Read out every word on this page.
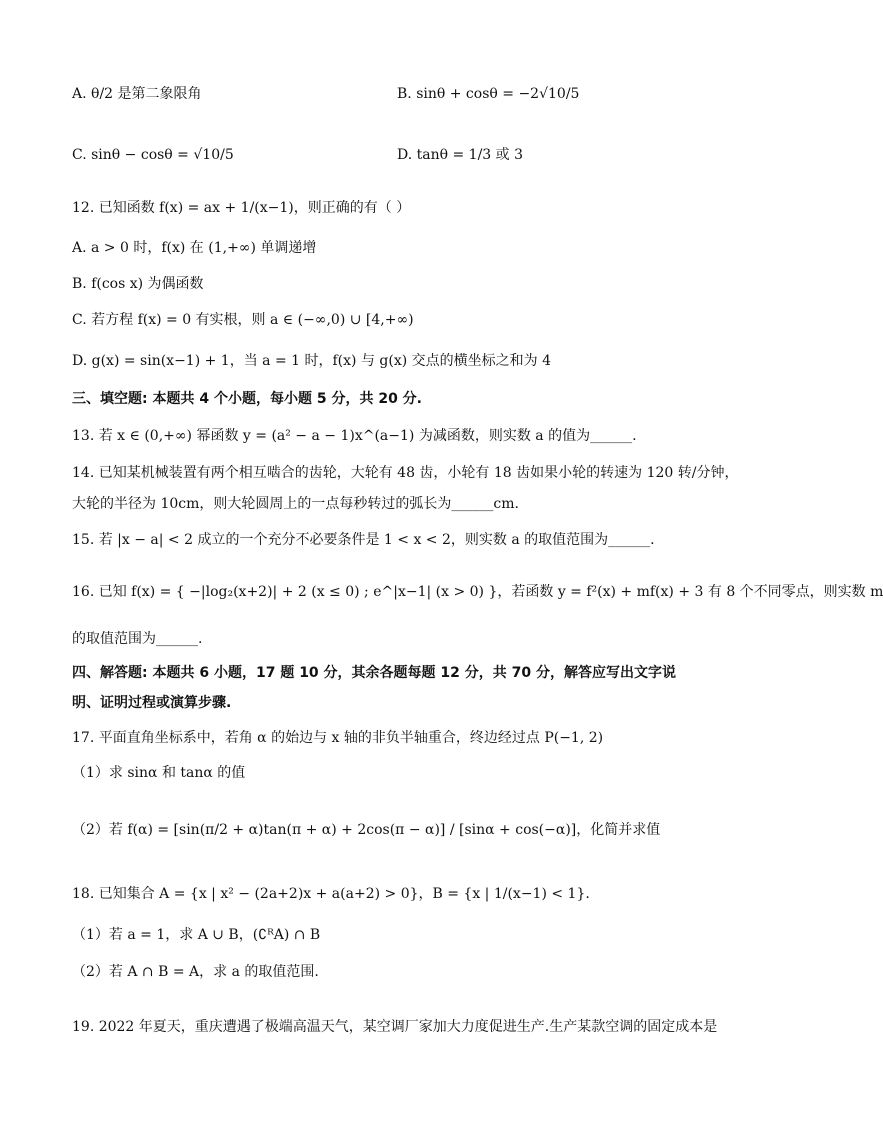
A. θ/2 是第二象限角	B. sinθ + cosθ = −2√10/5
C. sinθ − cosθ = √10/5	D. tanθ = 1/3 或 3
12. 已知函数 f(x) = ax + 1/(x−1)，则正确的有（ ）
A. a > 0 时，f(x) 在 (1,+∞) 单调递增
B. f(cos x) 为偶函数
C. 若方程 f(x) = 0 有实根，则 a ∈ (−∞,0) ∪ [4,+∞)
D. g(x) = sin(x−1) + 1，当 a = 1 时，f(x) 与 g(x) 交点的横坐标之和为 4
三、填空题: 本题共 4 个小题，每小题 5 分，共 20 分.
13. 若 x ∈ (0,+∞) 幂函数 y = (a² − a − 1)x^(a−1) 为减函数，则实数 a 的值为______.
14. 已知某机械装置有两个相互啮合的齿轮，大轮有 48 齿，小轮有 18 齿如果小轮的转速为 120 转/分钟，
大轮的半径为 10cm，则大轮圆周上的一点每秒转过的弧长为______cm.
15. 若 |x − a| < 2 成立的一个充分不必要条件是 1 < x < 2，则实数 a 的取值范围为______.
16. 已知 f(x) = { −|log₂(x+2)| + 2 (x ≤ 0) ; e^|x−1| (x > 0) }，若函数 y = f²(x) + mf(x) + 3 有 8 个不同零点，则实数 m
的取值范围为______.
四、解答题: 本题共 6 小题，17 题 10 分，其余各题每题 12 分，共 70 分，解答应写出文字说
明、证明过程或演算步骤.
17. 平面直角坐标系中，若角 α 的始边与 x 轴的非负半轴重合，终边经过点 P(−1, 2)
（1）求 sinα 和 tanα 的值
（2）若 f(α) = [sin(π/2 + α)tan(π + α) + 2cos(π − α)] / [sinα + cos(−α)]，化简并求值
18. 已知集合 A = {x | x² − (2a+2)x + a(a+2) > 0}，B = {x | 1/(x−1) < 1}.
（1）若 a = 1，求 A ∪ B，(∁ᴿA) ∩ B
（2）若 A ∩ B = A，求 a 的取值范围.
19. 2022 年夏天，重庆遭遇了极端高温天气，某空调厂家加大力度促进生产.生产某款空调的固定成本是
